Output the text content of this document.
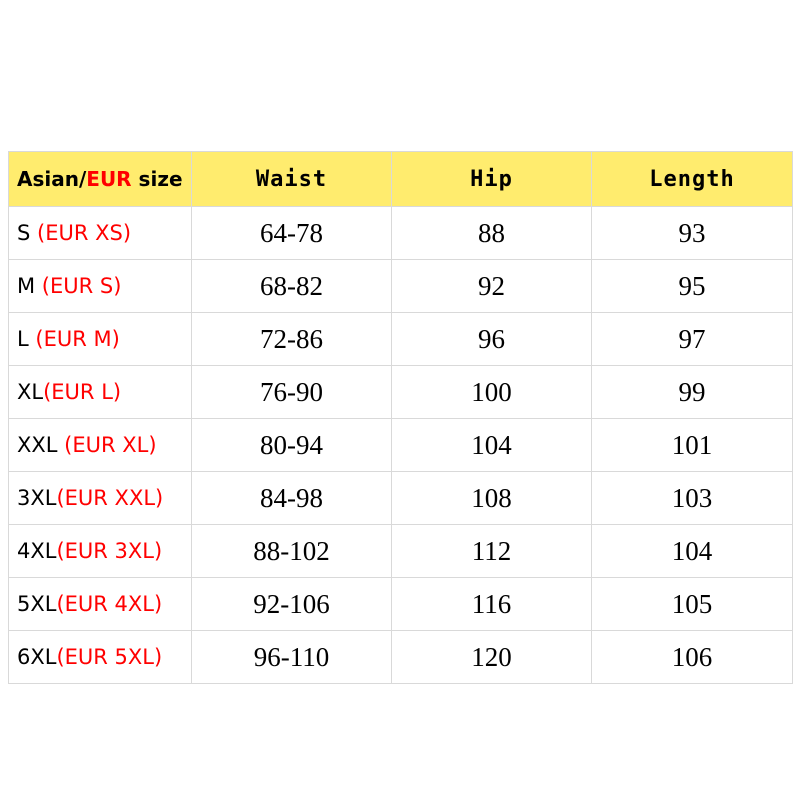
Asian/EUR size	Waist	Hip	Length
S (EUR XS)	64-78	88	93
M (EUR S)	68-82	92	95
L (EUR M)	72-86	96	97
XL(EUR L)	76-90	100	99
XXL (EUR XL)	80-94	104	101
3XL(EUR XXL)	84-98	108	103
4XL(EUR 3XL)	88-102	112	104
5XL(EUR 4XL)	92-106	116	105
6XL(EUR 5XL)	96-110	120	106
